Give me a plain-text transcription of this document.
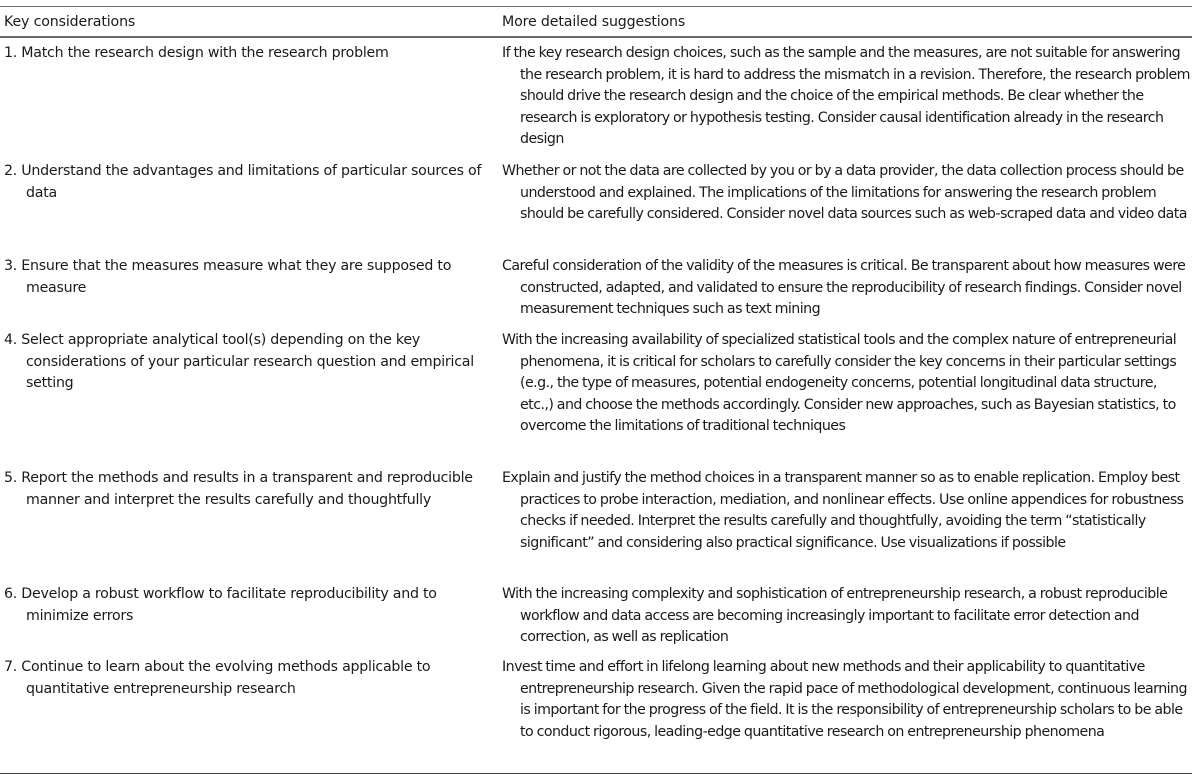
Key considerations	More detailed suggestions
1. Match the research design with the research problem	If the key research design choices, such as the sample and the measures, are not suitable for answering the research problem, it is hard to address the mismatch in a revision. Therefore, the research problem should drive the research design and the choice of the empirical methods. Be clear whether the research is exploratory or hypothesis testing. Consider causal identification already in the research design
2. Understand the advantages and limitations of particular sources of data
Whether or not the data are collected by you or by a data provider, the data collection process should be understood and explained. The implications of the limitations for answering the research problem should be carefully considered. Consider novel data sources such as web-scraped data and video data
3. Ensure that the measures measure what they are supposed to measure
Careful consideration of the validity of the measures is critical. Be transparent about how measures were constructed, adapted, and validated to ensure the reproducibility of research findings. Consider novel measurement techniques such as text mining
4. Select appropriate analytical tool(s) depending on the key considerations of your particular research question and empirical setting
With the increasing availability of specialized statistical tools and the complex nature of entrepreneurial phenomena, it is critical for scholars to carefully consider the key concerns in their particular settings (e.g., the type of measures, potential endogeneity concerns, potential longitudinal data structure, etc.,) and choose the methods accordingly. Consider new approaches, such as Bayesian statistics, to overcome the limitations of traditional techniques
5. Report the methods and results in a transparent and reproducible manner and interpret the results carefully and thoughtfully
Explain and justify the method choices in a transparent manner so as to enable replication. Employ best practices to probe interaction, mediation, and nonlinear effects. Use online appendices for robustness checks if needed. Interpret the results carefully and thoughtfully, avoiding the term “statistically significant” and considering also practical significance. Use visualizations if possible
6. Develop a robust workflow to facilitate reproducibility and to minimize errors
With the increasing complexity and sophistication of entrepreneurship research, a robust reproducible workflow and data access are becoming increasingly important to facilitate error detection and correction, as well as replication
7. Continue to learn about the evolving methods applicable to quantitative entrepreneurship research
Invest time and effort in lifelong learning about new methods and their applicability to quantitative entrepreneurship research. Given the rapid pace of methodological development, continuous learning is important for the progress of the field. It is the responsibility of entrepreneurship scholars to be able to conduct rigorous, leading-edge quantitative research on entrepreneurship phenomena
